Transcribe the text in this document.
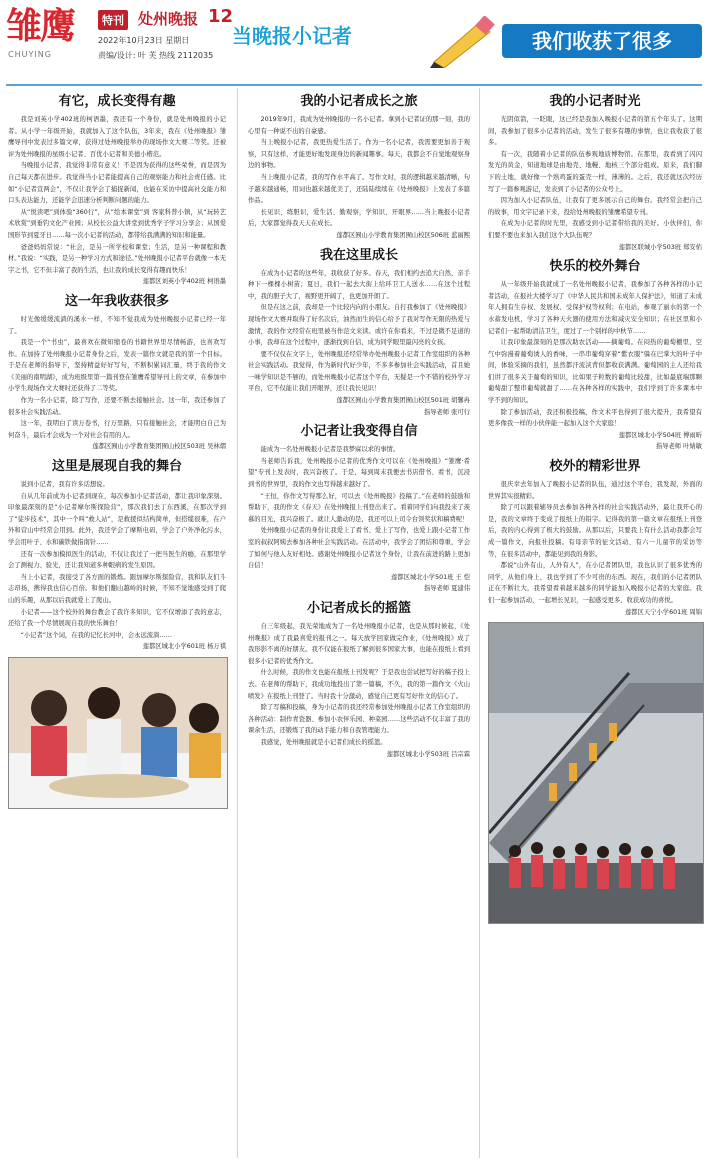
雏鹰
CHUYING
特刊 处州晚报 12
2022年10月23日 星期日
责编/设计: 叶 芙 热线 2112035
当晚报小记者	我们收获了很多
有它，成长变得有趣

我是刘英小学402班的柯语墨，我还有一个身份，就是处州晚报的小记者。从小学一年级开始，我就加入了这个队伍，3年来，我在《处州晚报》雏鹰导刊中发表过多篇文章，获得过处州晚报举办的现场作文大赛二等奖。还被评为处州晚报的星级小记者、百优小记者和美德小楷范。

当晚报小记者，我觉得非常有意义！不是因为获得的这些荣誉，而是因为自己每天都在进步。我觉得当小记者能提高自己的观察能力和社会责任感。比如“小记者宣两会”，不仅让我学会了捕捉新闻，也能在采访中提高社交能力和口头表达能力，还能学会迅速分析判断问题的能力。

从“悦读吧”到体验“360行”，从“绘本课堂”到 客家科普小镇，从“玩转艺术欣赏”到垂钓文化产业园；从校长公益大讲堂到优秀学子学习分享会；从国爱国形节到夏牙日……每一次小记者的活动，都带给我满满的知识和能量。

爸爸妈妈常说：“社会，是另一所学校和课堂；生活，是另一种课程和教材。”我说：“实践，是另一种学习方式和途径。”处州晚报小记者平台就像一本无字之书，它不但丰富了我的生活，也让我的成长变得有趣而快乐！

莲都区刘英小学402班 柯语墨

这一年我收获很多

时光像缓缓流淌的溪水一样，不知不觉我成为处州晚报小记者已经一年了。

我是一个“书虫”，最喜欢在微知缩卷的书籍世界里尽情畅游，也喜欢写作。在加持了处州晚报小记者身份之后，发表一篇作文就是我的第一个目标。于是在老师的指导下，坚持精益好好写句，不断积累词汇量，终于我的作文《美丽的南明湖》，成为班级里第一篇刊登在雏鹰希望导刊上的文章，在参加中小学生现场作文大赛时还获得了二等奖。

作为一名小记者，除了写作，还要不断去接触社会。这一年，我还参加了很多社会实践活动。

这一年，我明白了读万卷书，行万里路，只有接触社会，才能明白自己为何奋斗，最后才会成为一个对社会有用的人。

莲都区囿山小学教育集团囿山校区503班 吴林熠

这里是展现自我的舞台

说到小记者，我有许多话想说。

自从几年前成为小记者到现在，每次参加小记者活动，都让我印象深刻。印象最深刻的是“小记者摩尔斯探险营”，那次我们去丁东西溪，在那次学到了“徒步技术”，其中一个叫“救人站”，是救援似结构简单，但搭缆很难，在户外和营山中经常会用到。此外，我还学会了摩斯电码，学会了户外净化污水，学会用叶子、水和碳铁做指南针……

还有一次参加模拟医生的活动，不仅让我过了一把当医生的瘾，在那里学会了测视力、验光，还让我知道多种眼病的发生原因。

当上小记者，我接受了各方面的锻炼。跟加摩尔斯探险营，我和队友们斗志昂扬，携得我也信心百倍。和他们翻山越岭的时候，不知不觉地感受到了爬山的乐趣，从那以后我就爱上了爬山。

小记者——这个校外的舞台教会了我许多知识，它不仅增添了我的意志，还给了我一个尽情展现自我的快乐舞台！

“小记者”这个词，在我的记忆长河中，会永远流淌……

莲都区城北小学601班 杨万祺

我的小记者成长之旅

2019年9月，我成为处州晚报的一名小记者。拿到小记者证的那一刻，我的心里有一种说不出的自豪感。

当上晚报小记者，我更热爱生活了。作为一名小记者，我需要更加善于观察，只有这样，才能更好地发现身边的新闻趣事。每天，我都会不自觉地观察身边的事物。

当上晚报小记者，我的写作水平高了。写作文时，我的逻辑越来越清晰，句子越来越通畅，用词也越来越优美了，还陆陆续续在《处州晚报》上发表了多篇作品。

长见识、练胆识，爱生活、勤观察，学知识、开眼界……当上晚报小记者后，大家都觉得我天天在成长。

莲都区囿山小学教育集团囿山校区506班 蓝丽熙

我在这里成长

在成为小记者的这些年，我收获了好多。春天，我们相约去追大自然，亲手种下一棵棵小树苗；夏日，我们一起去大街上给环卫工人送水……在这个过程中，我的胆子大了，视野更开阔了，也更加开朗了。

但是在这之前，我却是一个比较内向的小朋友。自打我参加了《处州晚报》现场作文大赛并取得了好名次后，油然而生的信心给予了我对写作无限的热爱与激情，我的作文经常在班里被当作范文来读。或许在你看来，不过是微不足道的小事，我却在这个过程中，逐渐找到自信，成为同学眼里最闪亮的女孩。

要不仅仅在文字上，处州晚报还经常举办处州晚报小记者工作室组织的各种社会实践活动。我觉得，作为新时代好少年，不多多参加社会实践活动，首且她一味学知识是不够的，而处州晚报小记者这个平台，无疑是一个不错的校外学习平台，它不仅能让我们开眼界，还让我长见识！

莲都区囿山小学教育集团囿山校区501班 胡馨冉

指导老师 张可行

小记者让我变得自信

能成为一名处州晚报小记者是我梦寐以求的事情。

当老师告诉我，处州晚报小记者的优秀作文可以在《处州晚报》“雏鹰·希望”专刊上发表时，我兴奋极了。于是，每到周末我便去书店借书、看书，沉浸到书的世界里，我的作文也写得越来越好了。

“王恒，你作文写得那么好，可以去《处州晚报》投稿了。”在老师的鼓励和帮助下，我的作文《春天》在处州晚报上刊登出来了。看着同学们向我投来了羡慕的目光，我兴奋极了。就让人激动的是，我还可以上司令台领奖状和稿费呢！

处州晚报小记者的身份让我爱上了看书、爱上了写作，也爱上跟小记者工作室的叔叔阿姨去参加各种社会实践活动。在活动中，我学会了团结和尊重，学会了如何与他人友好相处。感谢处州晚报小记者这个身份，让我在前进的路上更加自信！

莲都区城北小学501班 王 恺

指导老师 夏建伟

小记者成长的摇篮

自三年级起，我光荣地成为了一名处州晚报小记者，也是从那时候起，《处州晚报》成了我最喜爱的报刊之一。每天放学回家做完作业，《处州晚报》成了我形影不离的好朋友。我不仅能在报纸了解到很多国家大事，也能在报纸上看到很多小记者的优秀作文。

什么时候，我的作文也能在报纸上刊发呢？于是我也尝试把写好的稿子投上去。在老师的帮助下，我成功地投出了第一篇稿，不久，我的第一篇作文《火山喷发》在报纸上刊登了。当时我十分激动，感觉自己更有写好作文的信心了。

除了写稿和投稿，身为小记者的我还经常参加处州晚报小记者工作室组织的各种活动：制作青瓷器、参加小农伴乐园、种菜园……这些活动不仅丰富了我的课余生活，还锻炼了我的动手能力和自我管理能力。

我感觉，处州晚报就是小记者们成长的摇篮。

莲都区城北小学503班 吕宗霖

我的小记者时光

光阴似箭，一眨眼，这已经是我加入晚报小记者的第五个年头了。这期间，我参加了很多小记者的活动，发生了很多有趣的事情，也让我收获了很多。

有一次，我随着小记者的队伍参观地质博物馆。在那里，我看到了闪闪发光的黄金，知道地球是由地壳、地幔、地核三个部分组成。原来，我们脚下的土地，就好像一个熟鸡蛋的蛋壳一样，薄薄的。之后，我还就这次经历写了一篇参观游记，发表到了小记者的公众号上。

因为加入小记者队伍，让我有了更多展示自己的舞台。我经常会把自己的故事，用文字记录下来，投给处州晚报的雏鹰希望专刊。

在成为小记者的时光里，我感受到小记者带给我的美好。小伙伴们，你们要不要也来加入我们这个大队伍呢？

莲都区联城小学503班 郑安佑

快乐的校外舞台

从一年级开始我就成了一名处州晚报小记者，我参加了各种各样的小记者活动，在报社大楼学习了《中华人民共和国未成年人保护法》，知道了未成年人拥有生存权、发展权、受保护权等权利；在电站，参观了丽水的第一个水蓄发电机，学习了各种天火器的使用方法和减灾安全知识；在社区里和小记者们一起帮助清洁卫生，度过了一个别样的中秋节……

让我印象最深刻的是那次助农活动——摘葡萄。在闷热的葡萄棚里，空气中弥漫着葡萄诱人的香味，一串串葡萄穿着“紫衣服”躲在巴掌大的叶子中间，体验采摘的我们，虽然都汗流浃背但都收获满满。葡萄园的主人还给我们讲了很多关于葡萄的知识，比如果子粒数的葡萄比较甜，比如最底端那颗葡萄甜了整串葡萄就甜了……在各种各样的实践中，我们学到了许多课本中学不到的知识。

除了参加活动，我还积极投稿，作文术平也得到了很大提升，我希望有更多像我一样的小伙伴能一起加入这个大家庭！

莲都区城北小学504班 傅雨昕

指导老师 叶婧敏

校外的精彩世界

很庆幸去年加入了晚报小记者的队伍，通过这个平台，我发现，外面的世界其实很精彩。

除了可以跟着辅导员去参加各种各样的社会实践活动外，最让我开心的是，我的文章终于变成了报纸上的铅字。记得我的第一篇文章在报纸上刊登后，我的内心得到了极大的鼓励。从那以后，只要我上有什么活动我都会写成一篇作文，向报社投稿。有母亲节的征文活动、有六一儿童节的采访等等，在很多活动中，都能见到我的身影。

都说“山外有山，人外有人”，在小记者团队里，我也认识了很多优秀的同学，从他们身上，我也学到了不少可贵的东西。现在，我们的小记者团队正在不断壮大，我希望看着越来越多的同学能加入晚报小记者的大家庭。我们一起参加活动，一起增长见识，一起感受更多、收获成功的喜悦。

莲都区天宁小学601班 周锦
